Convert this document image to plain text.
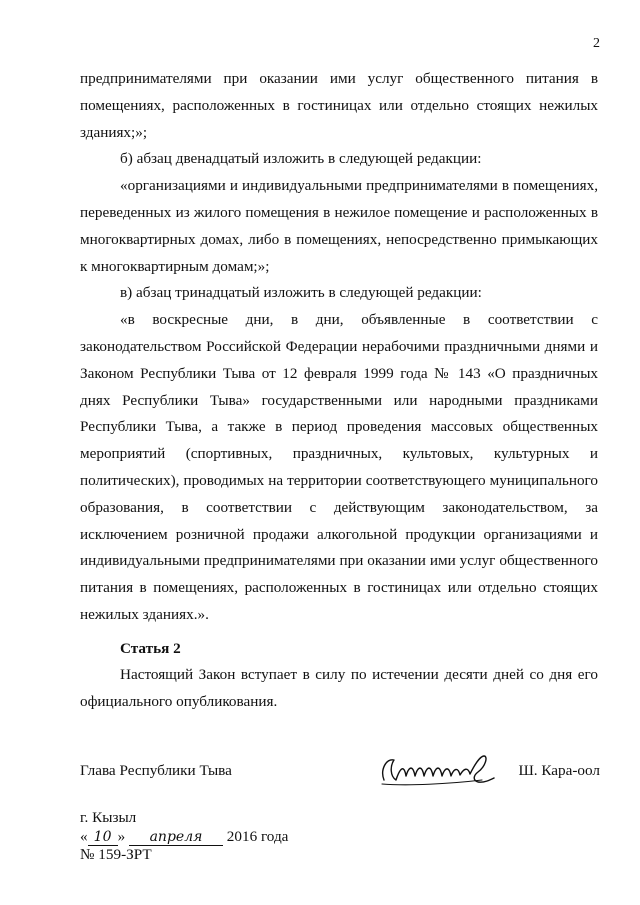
2

предпринимателями при оказании ими услуг общественного питания в помещениях, расположенных в гостиницах или отдельно стоящих нежилых зданиях;»;

б) абзац двенадцатый изложить в следующей редакции:

«организациями и индивидуальными предпринимателями в помещениях, переведенных из жилого помещения в нежилое помещение и расположенных в многоквартирных домах, либо в помещениях, непосредственно примыкающих к многоквартирным домам;»;

в) абзац тринадцатый изложить в следующей редакции:

«в воскресные дни, в дни, объявленные в соответствии с законодательством Российской Федерации нерабочими праздничными днями и Законом Республики Тыва от 12 февраля 1999 года № 143 «О праздничных днях Республики Тыва» государственными или народными праздниками Республики Тыва, а также в период проведения массовых общественных мероприятий (спортивных, праздничных, культовых, культурных и политических), проводимых на территории соответствующего муниципального образования, в соответствии с действующим законодательством, за исключением розничной продажи алкогольной продукции организациями и индивидуальными предпринимателями при оказании ими услуг общественного питания в помещениях, расположенных в гостиницах или отдельно стоящих нежилых зданиях.».

Статья 2
Настоящий Закон вступает в силу по истечении десяти дней со дня его официального опубликования.
Глава Республики Тыва	Ш. Кара-оол
г. Кызыл
« 10 » апреля 2016 года
№ 159-ЗРТ
